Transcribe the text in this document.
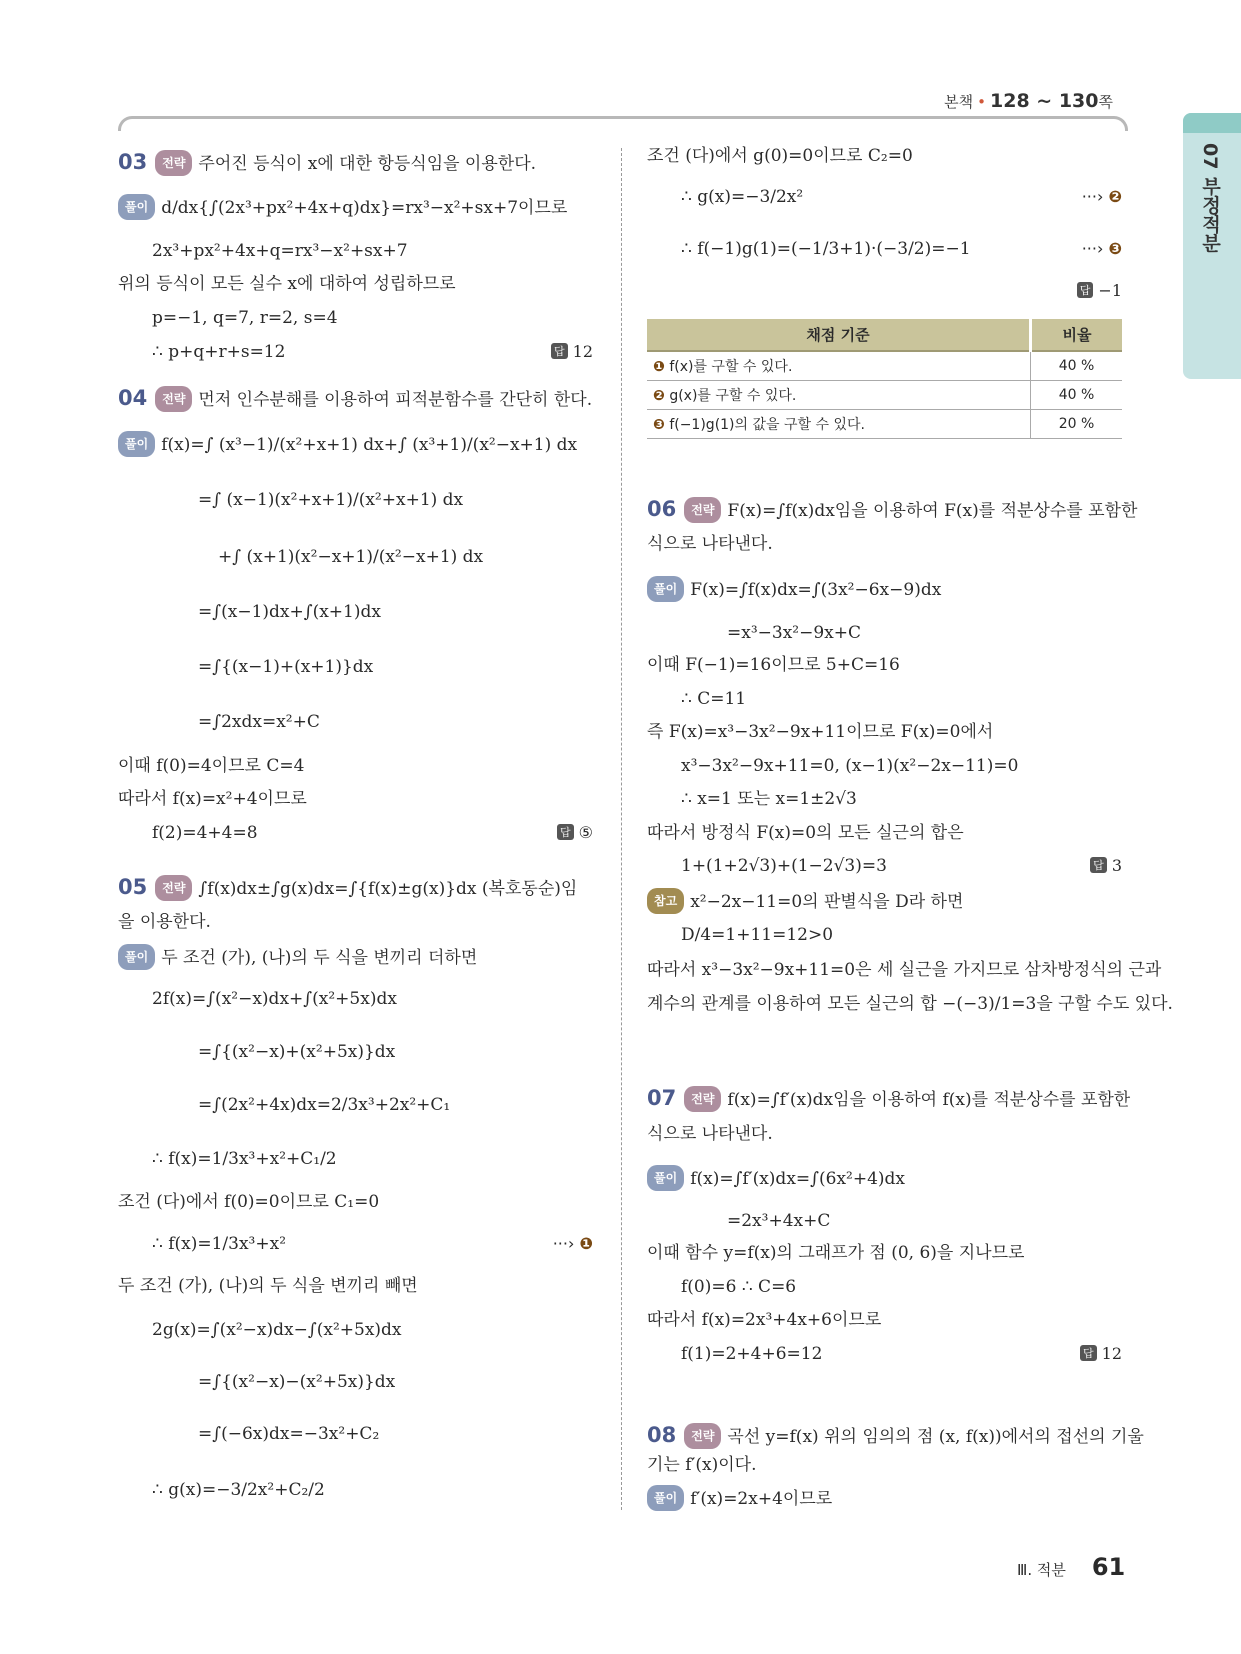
본책 • 128 ~ 130쪽
07 부정적분
03 전략 주어진 등식이 x에 대한 항등식임을 이용한다.
풀이 d/dx{∫(2x³+px²+4x+q)dx}=rx³−x²+sx+7이므로
2x³+px²+4x+q=rx³−x²+sx+7
위의 등식이 모든 실수 x에 대하여 성립하므로
p=−1, q=7, r=2, s=4
∴ p+q+r+s=12	답 12
04 전략 먼저 인수분해를 이용하여 피적분함수를 간단히 한다.
풀이 f(x)=∫ (x³−1)/(x²+x+1) dx+∫ (x³+1)/(x²−x+1) dx
=∫ (x−1)(x²+x+1)/(x²+x+1) dx
+∫ (x+1)(x²−x+1)/(x²−x+1) dx
=∫(x−1)dx+∫(x+1)dx
=∫{(x−1)+(x+1)}dx
=∫2xdx=x²+C
이때 f(0)=4이므로 C=4
따라서 f(x)=x²+4이므로
f(2)=4+4=8	답 ⑤
05 전략 ∫f(x)dx±∫g(x)dx=∫{f(x)±g(x)}dx (복호동순)임
을 이용한다.
풀이 두 조건 (가), (나)의 두 식을 변끼리 더하면
2f(x)=∫(x²−x)dx+∫(x²+5x)dx
=∫{(x²−x)+(x²+5x)}dx
=∫(2x²+4x)dx=2/3x³+2x²+C₁
∴ f(x)=1/3x³+x²+C₁/2
조건 (다)에서 f(0)=0이므로 C₁=0
∴ f(x)=1/3x³+x²	···› ❶
두 조건 (가), (나)의 두 식을 변끼리 빼면
2g(x)=∫(x²−x)dx−∫(x²+5x)dx
=∫{(x²−x)−(x²+5x)}dx
=∫(−6x)dx=−3x²+C₂
∴ g(x)=−3/2x²+C₂/2
조건 (다)에서 g(0)=0이므로 C₂=0
∴ g(x)=−3/2x²	···› ❷
∴ f(−1)g(1)=(−1/3+1)·(−3/2)=−1	···› ❸
답 −1
06 전략 F(x)=∫f(x)dx임을 이용하여 F(x)를 적분상수를 포함한
식으로 나타낸다.
풀이 F(x)=∫f(x)dx=∫(3x²−6x−9)dx
=x³−3x²−9x+C
이때 F(−1)=16이므로 5+C=16
∴ C=11
즉 F(x)=x³−3x²−9x+11이므로 F(x)=0에서
x³−3x²−9x+11=0, (x−1)(x²−2x−11)=0
∴ x=1 또는 x=1±2√3
따라서 방정식 F(x)=0의 모든 실근의 합은
1+(1+2√3)+(1−2√3)=3	답 3
참고 x²−2x−11=0의 판별식을 D라 하면
D/4=1+11=12>0
따라서 x³−3x²−9x+11=0은 세 실근을 가지므로 삼차방정식의 근과
계수의 관계를 이용하여 모든 실근의 합 −(−3)/1=3을 구할 수도 있다.
07 전략 f(x)=∫f′(x)dx임을 이용하여 f(x)를 적분상수를 포함한
식으로 나타낸다.
풀이 f(x)=∫f′(x)dx=∫(6x²+4)dx
=2x³+4x+C
이때 함수 y=f(x)의 그래프가 점 (0, 6)을 지나므로
f(0)=6 ∴ C=6
따라서 f(x)=2x³+4x+6이므로
f(1)=2+4+6=12	답 12
08 전략 곡선 y=f(x) 위의 임의의 점 (x, f(x))에서의 접선의 기울
기는 f′(x)이다.
풀이 f′(x)=2x+4이므로
채점 기준	비율
❶ f(x)를 구할 수 있다.	40 %
❷ g(x)를 구할 수 있다.	40 %
❸ f(−1)g(1)의 값을 구할 수 있다.	20 %
Ⅲ. 적분 61
